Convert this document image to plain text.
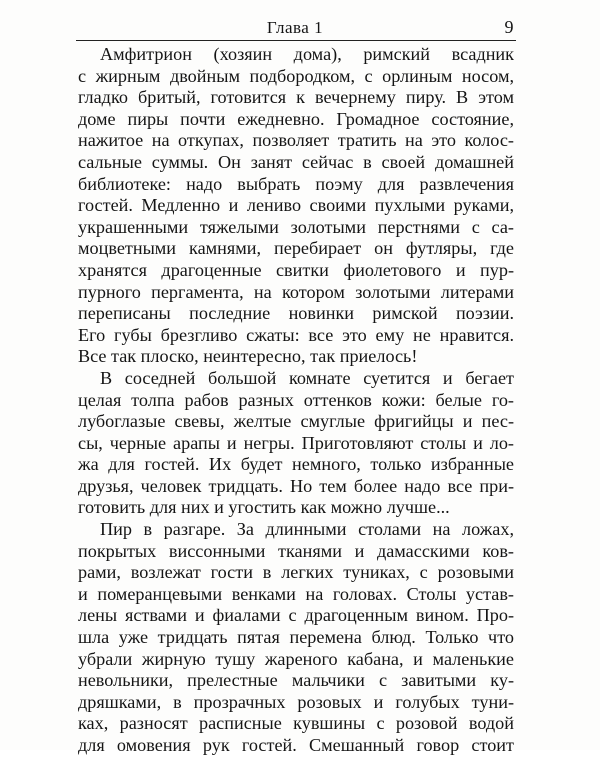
Глава 1	9
Амфитрион (хозяин дома), римский всадник
с жирным двойным подбородком, с орлиным носом,
гладко бритый, готовится к вечернему пиру. В этом
доме пиры почти ежедневно. Громадное состояние,
нажитое на откупах, позволяет тратить на это колос-
сальные суммы. Он занят сейчас в своей домашней
библиотеке: надо выбрать поэму для развлечения
гостей. Медленно и лениво своими пухлыми руками,
украшенными тяжелыми золотыми перстнями с са-
моцветными камнями, перебирает он футляры, где
хранятся драгоценные свитки фиолетового и пур-
пурного пергамента, на котором золотыми литерами
переписаны последние новинки римской поэзии.
Его губы брезгливо сжаты: все это ему не нравится.
Все так плоско, неинтересно, так приелось!
В соседней большой комнате суетится и бегает
целая толпа рабов разных оттенков кожи: белые го-
лубоглазые свевы, желтые смуглые фригийцы и пес-
сы, черные арапы и негры. Приготовляют столы и ло-
жа для гостей. Их будет немного, только избранные
друзья, человек тридцать. Но тем более надо все при-
готовить для них и угостить как можно лучше...
Пир в разгаре. За длинными столами на ложах,
покрытых виссонными тканями и дамасскими ков-
рами, возлежат гости в легких туниках, с розовыми
и померанцевыми венками на головах. Столы устав-
лены яствами и фиалами с драгоценным вином. Про-
шла уже тридцать пятая перемена блюд. Только что
убрали жирную тушу жареного кабана, и маленькие
невольники, прелестные мальчики с завитыми ку-
дряшками, в прозрачных розовых и голубых туни-
ках, разносят расписные кувшины с розовой водой
для омовения рук гостей. Смешанный говор стоит
